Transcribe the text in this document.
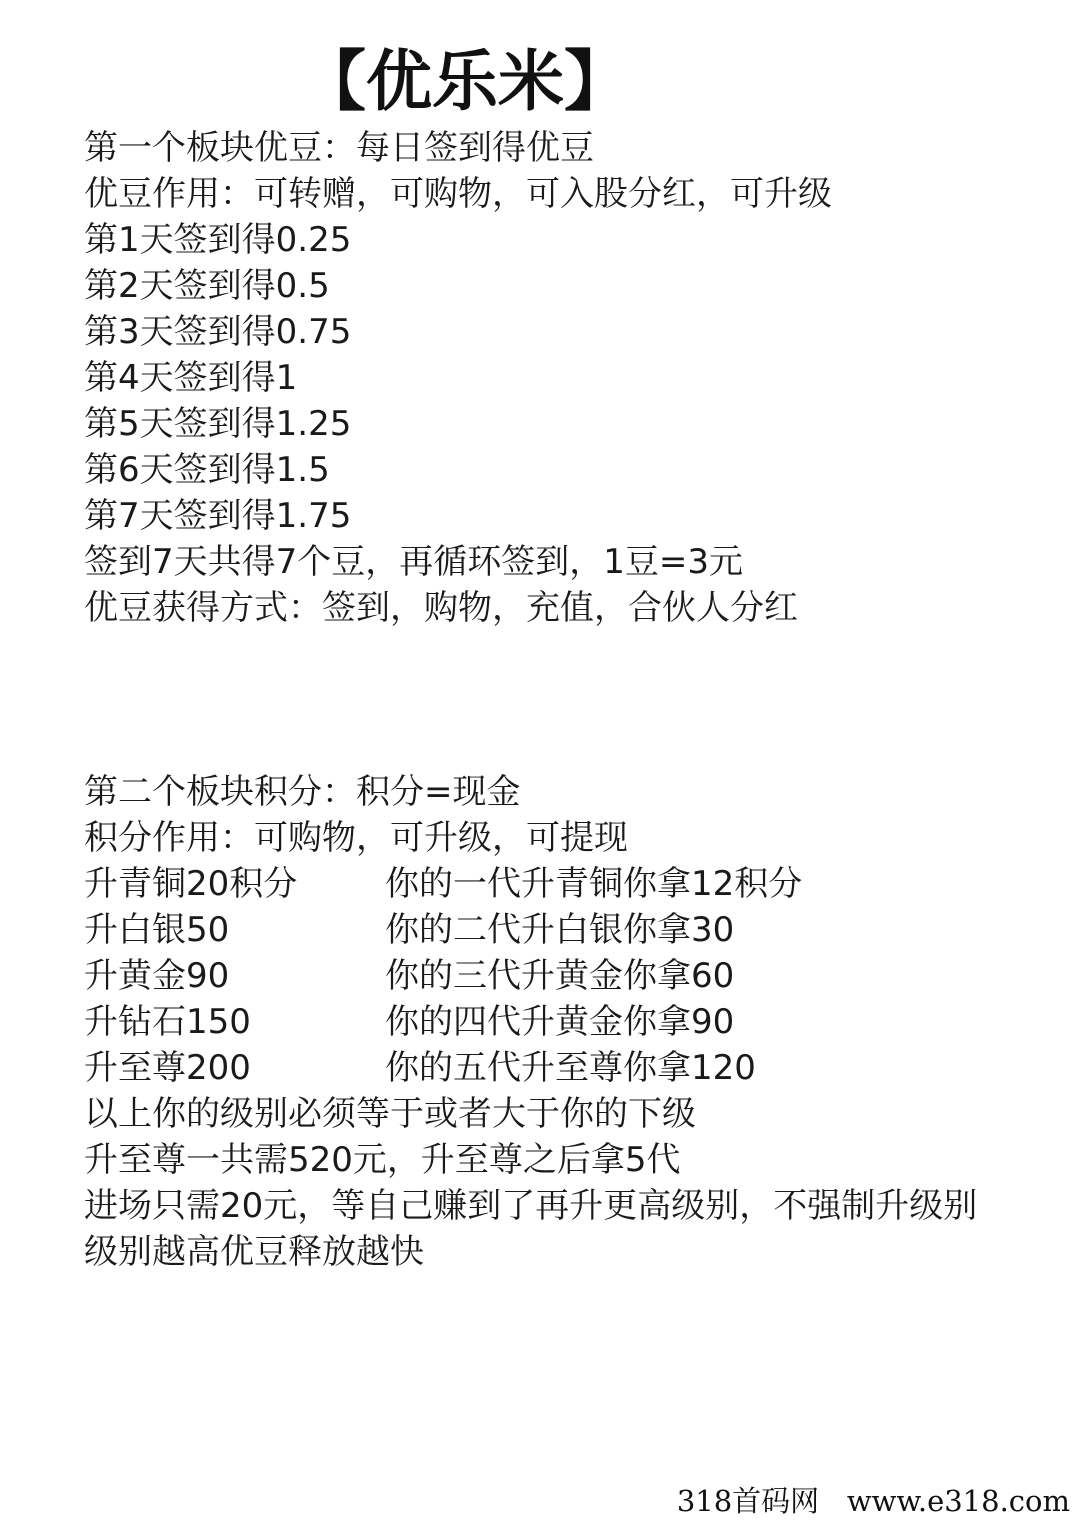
【优乐米】
第一个板块优豆：每日签到得优豆
优豆作用：可转赠，可购物，可入股分红，可升级
第1天签到得0.25
第2天签到得0.5
第3天签到得0.75
第4天签到得1
第5天签到得1.25
第6天签到得1.5
第7天签到得1.75
签到7天共得7个豆，再循环签到，1豆=3元
优豆获得方式：签到，购物，充值，合伙人分红
第二个板块积分：积分=现金
积分作用：可购物，可升级，可提现
升青铜20积分	你的一代升青铜你拿12积分
升白银50	你的二代升白银你拿30
升黄金90	你的三代升黄金你拿60
升钻石150	你的四代升黄金你拿90
升至尊200	你的五代升至尊你拿120
以上你的级别必须等于或者大于你的下级
升至尊一共需520元，升至尊之后拿5代
进场只需20元，等自己赚到了再升更高级别，不强制升级别
级别越高优豆释放越快
318首码网   www.e318.com
